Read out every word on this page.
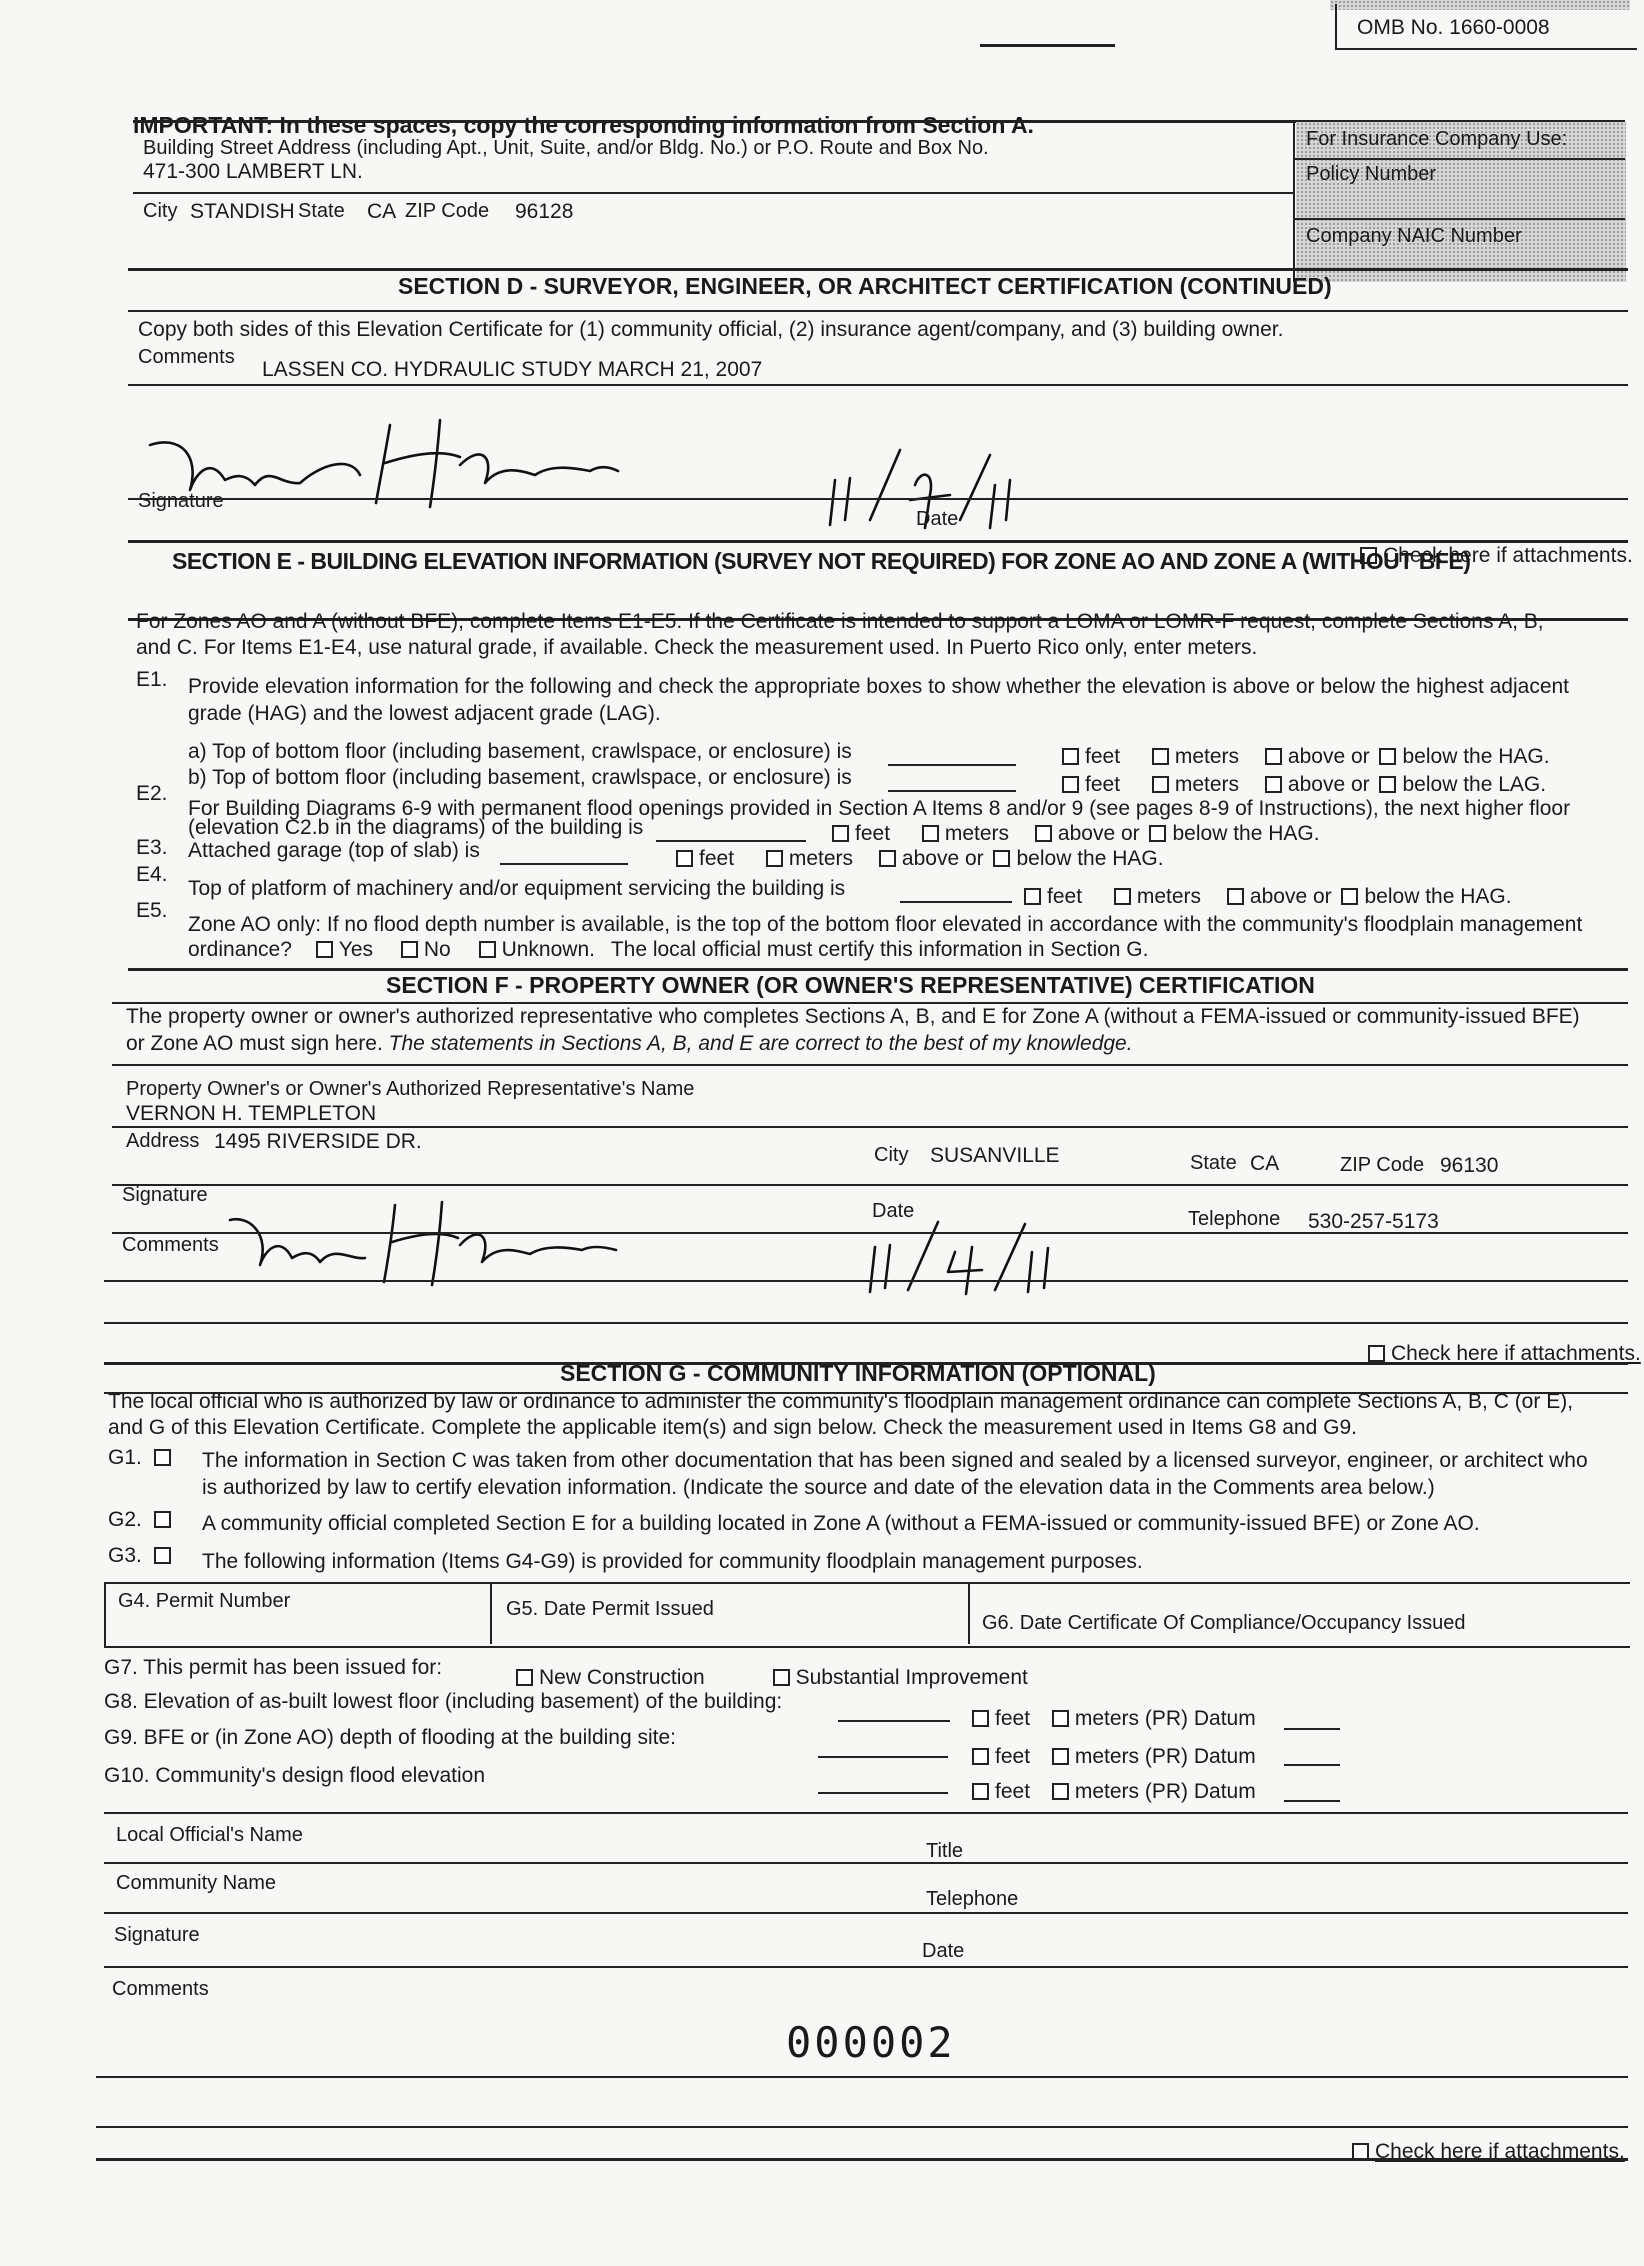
OMB No. 1660-0008
IMPORTANT: In these spaces, copy the corresponding information from Section A.
Building Street Address (including Apt., Unit, Suite, and/or Bldg. No.) or P.O. Route and Box No.
471-300 LAMBERT LN.
City STANDISH State CA ZIP Code 96128
For Insurance Company Use:
Policy Number
Company NAIC Number
SECTION D - SURVEYOR, ENGINEER, OR ARCHITECT CERTIFICATION (CONTINUED)
Copy both sides of this Elevation Certificate for (1) community official, (2) insurance agent/company, and (3) building owner.
Comments
LASSEN CO. HYDRAULIC STUDY MARCH 21, 2007
Signature
Date
Check here if attachments.
SECTION E - BUILDING ELEVATION INFORMATION (SURVEY NOT REQUIRED) FOR ZONE AO AND ZONE A (WITHOUT BFE)
For Zones AO and A (without BFE), complete Items E1-E5. If the Certificate is intended to support a LOMA or LOMR-F request, complete Sections A, B,
and C. For Items E1-E4, use natural grade, if available. Check the measurement used. In Puerto Rico only, enter meters.
E1. Provide elevation information for the following and check the appropriate boxes to show whether the elevation is above or below the highest adjacent
grade (HAG) and the lowest adjacent grade (LAG).
a) Top of bottom floor (including basement, crawlspace, or enclosure) is	feet	meters above or below the HAG.
b) Top of bottom floor (including basement, crawlspace, or enclosure) is	feet	meters above or below the LAG.
E2.
For Building Diagrams 6-9 with permanent flood openings provided in Section A Items 8 and/or 9 (see pages 8-9 of Instructions), the next higher floor
(elevation C2.b in the diagrams) of the building is	feet	meters above or below the HAG.
E3. Attached garage (top of slab) is	feet	meters above or below the HAG.
E4.
Top of platform of machinery and/or equipment servicing the building is	feet	meters above or below the HAG.
E5.
Zone AO only: If no flood depth number is available, is the top of the bottom floor elevated in accordance with the community's floodplain management
ordinance? Yes No Unknown. The local official must certify this information in Section G.
SECTION F - PROPERTY OWNER (OR OWNER'S REPRESENTATIVE) CERTIFICATION
The property owner or owner's authorized representative who completes Sections A, B, and E for Zone A (without a FEMA-issued or community-issued BFE)
or Zone AO must sign here. The statements in Sections A, B, and E are correct to the best of my knowledge.
Property Owner's or Owner's Authorized Representative's Name
VERNON H. TEMPLETON
Address 1495 RIVERSIDE DR.
City SUSANVILLE	State CA	ZIP Code 96130
Signature
Date	Telephone 530-257-5173
Comments
Check here if attachments.
SECTION G - COMMUNITY INFORMATION (OPTIONAL)
The local official who is authorized by law or ordinance to administer the community's floodplain management ordinance can complete Sections A, B, C (or E),
and G of this Elevation Certificate. Complete the applicable item(s) and sign below. Check the measurement used in Items G8 and G9.
G1.	The information in Section C was taken from other documentation that has been signed and sealed by a licensed surveyor, engineer, or architect who
is authorized by law to certify elevation information. (Indicate the source and date of the elevation data in the Comments area below.)
G2.	A community official completed Section E for a building located in Zone A (without a FEMA-issued or community-issued BFE) or Zone AO.
G3.	The following information (Items G4-G9) is provided for community floodplain management purposes.
G4. Permit Number	G5. Date Permit Issued
G6. Date Certificate Of Compliance/Occupancy Issued
G7. This permit has been issued for:	New Construction	Substantial Improvement
G8. Elevation of as-built lowest floor (including basement) of the building:
feet meters (PR) Datum
G9. BFE or (in Zone AO) depth of flooding at the building site:
feet meters (PR) Datum
G10. Community's design flood elevation
feet meters (PR) Datum
Local Official's Name
Title
Community Name
Telephone
Signature
Date
Comments
Check here if attachments.
000002
